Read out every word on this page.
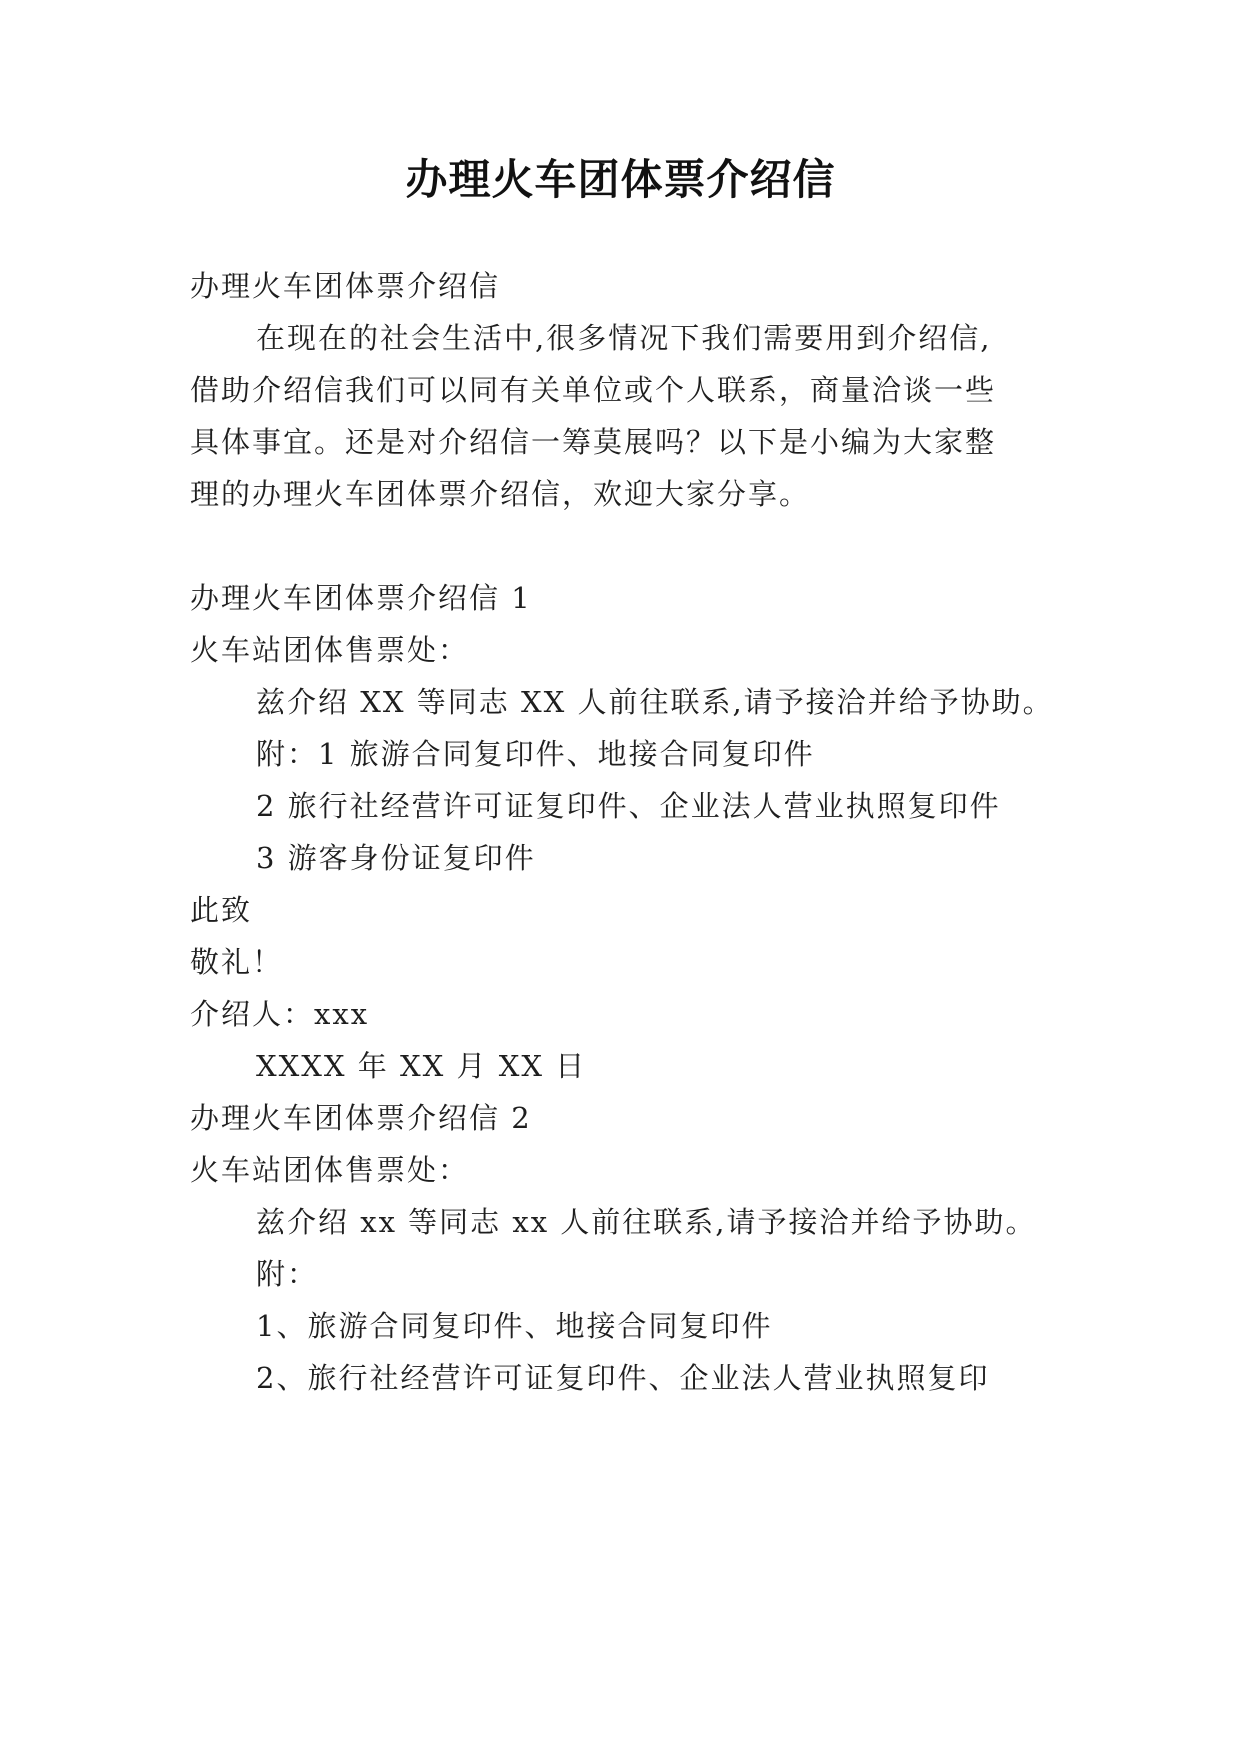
办理火车团体票介绍信
办理火车团体票介绍信
在现在的社会生活中,很多情况下我们需要用到介绍信,
借助介绍信我们可以同有关单位或个人联系，商量洽谈一些
具体事宜。还是对介绍信一筹莫展吗？以下是小编为大家整
理的办理火车团体票介绍信，欢迎大家分享。
办理火车团体票介绍信 1
火车站团体售票处：
兹介绍 XX 等同志 XX 人前往联系,请予接洽并给予协助。
附：1 旅游合同复印件、地接合同复印件
2 旅行社经营许可证复印件、企业法人营业执照复印件
3 游客身份证复印件
此致
敬礼！
介绍人：xxx
XXXX 年 XX 月 XX 日
办理火车团体票介绍信 2
火车站团体售票处：
兹介绍 xx 等同志 xx 人前往联系,请予接洽并给予协助。
附：
1、旅游合同复印件、地接合同复印件
2、旅行社经营许可证复印件、企业法人营业执照复印
